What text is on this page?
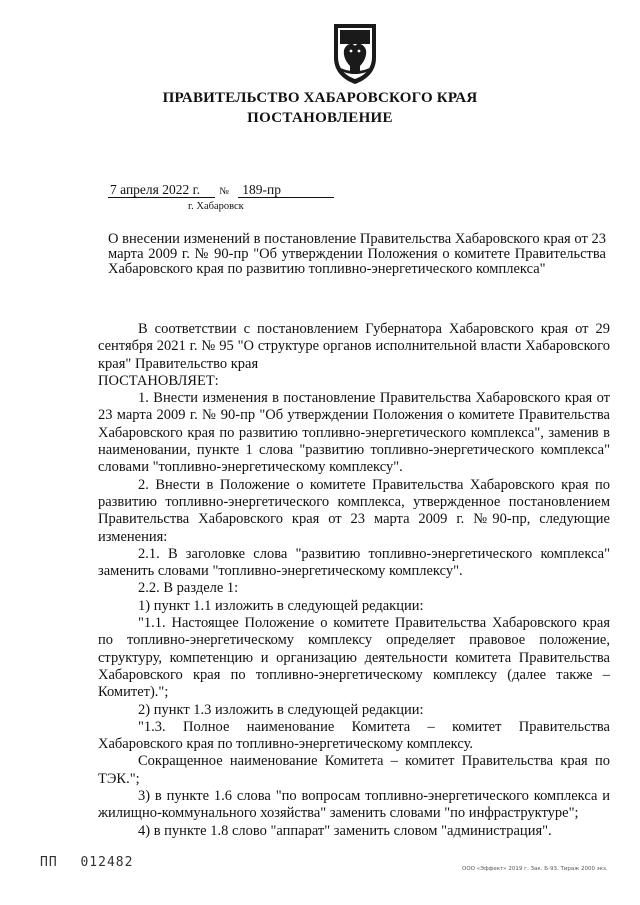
ПРАВИТЕЛЬСТВО ХАБАРОВСКОГО КРАЯ
ПОСТАНОВЛЕНИЕ
7 апреля 2022 г. № 189-пр
г. Хабаровск
О внесении изменений в постановление Правительства Хабаровского края от 23 марта 2009 г. № 90-пр "Об утверждении Положения о комитете Правительства Хабаровского края по развитию топливно-энергетического комплекса"

В соответствии с постановлением Губернатора Хабаровского края от 29 сентября 2021 г. № 95 "О структуре органов исполнительной власти Хабаровского края" Правительство края

ПОСТАНОВЛЯЕТ:

1. Внести изменения в постановление Правительства Хабаровского края от 23 марта 2009 г. № 90-пр "Об утверждении Положения о комитете Правительства Хабаровского края по развитию топливно-энергетического комплекса", заменив в наименовании, пункте 1 слова "развитию топливно-энергетического комплекса" словами "топливно-энергетическому комплексу".

2. Внести в Положение о комитете Правительства Хабаровского края по развитию топливно-энергетического комплекса, утвержденное постановлением Правительства Хабаровского края от 23 марта 2009 г. №90-пр, следующие изменения:

2.1. В заголовке слова "развитию топливно-энергетического комплекса" заменить словами "топливно-энергетическому комплексу".

2.2. В разделе 1:

1) пункт 1.1 изложить в следующей редакции:

"1.1. Настоящее Положение о комитете Правительства Хабаровского края по топливно-энергетическому комплексу определяет правовое положение, структуру, компетенцию и организацию деятельности комитета Правительства Хабаровского края по топливно-энергетическому комплексу (далее также – Комитет).";

2) пункт 1.3 изложить в следующей редакции:

"1.3. Полное наименование Комитета – комитет Правительства Хабаровского края по топливно-энергетическому комплексу.

Сокращенное наименование Комитета – комитет Правительства края по ТЭК.";

3) в пункте 1.6 слова "по вопросам топливно-энергетического комплекса и жилищно-коммунального хозяйства" заменить словами "по инфраструктуре";

4) в пункте 1.8 слово "аппарат" заменить словом "администрация".

ПП 012482	ООО «Эффект» 2019 г. Зак. Б-93. Тираж 2000 экз.
